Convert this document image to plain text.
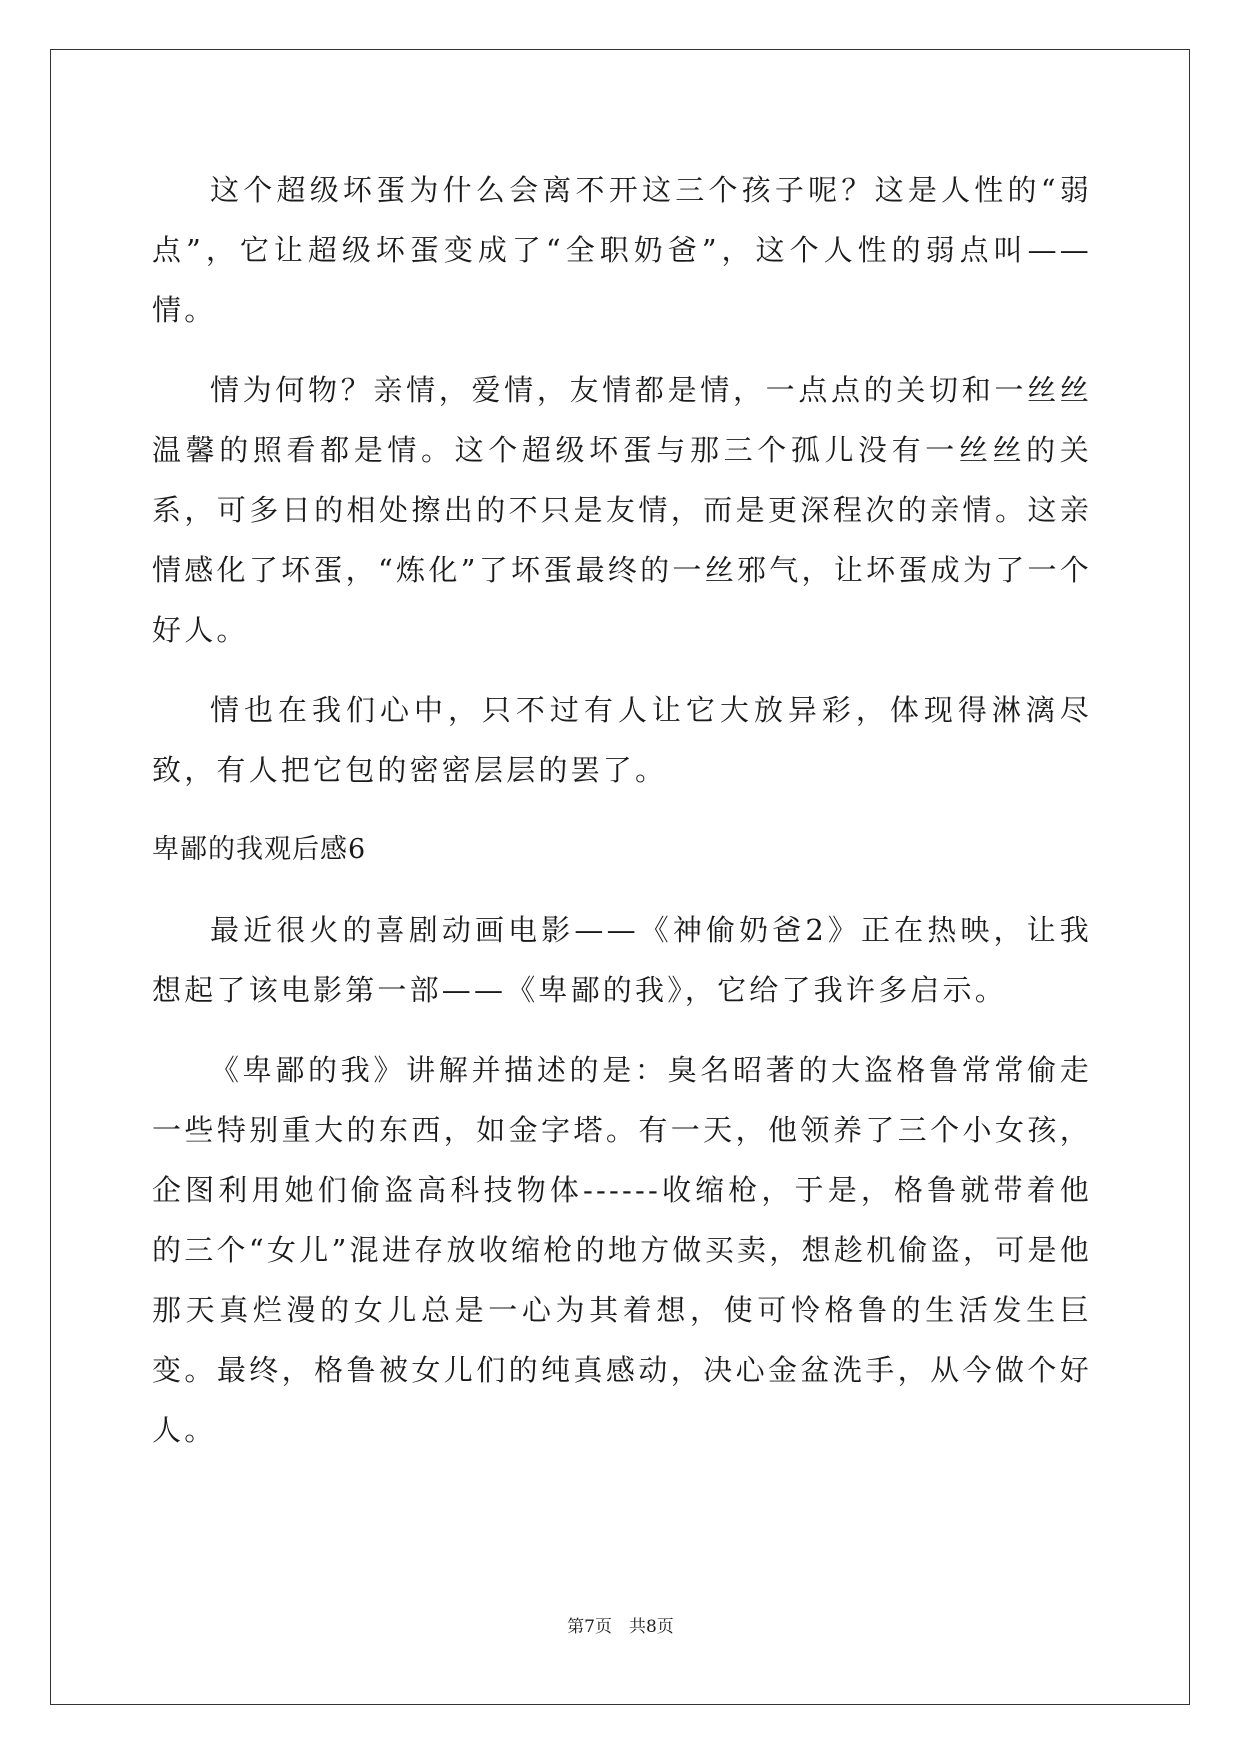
这个超级坏蛋为什么会离不开这三个孩子呢？这是人性的“弱点”，它让超级坏蛋变成了“全职奶爸”，这个人性的弱点叫——情。

情为何物？亲情，爱情，友情都是情，一点点的关切和一丝丝温馨的照看都是情。这个超级坏蛋与那三个孤儿没有一丝丝的关系，可多日的相处擦出的不只是友情，而是更深程次的亲情。这亲情感化了坏蛋，“炼化”了坏蛋最终的一丝邪气，让坏蛋成为了一个好人。

情也在我们心中，只不过有人让它大放异彩，体现得淋漓尽致，有人把它包的密密层层的罢了。

卑鄙的我观后感6

最近很火的喜剧动画电影——《神偷奶爸2》正在热映，让我想起了该电影第一部——《卑鄙的我》，它给了我许多启示。

《卑鄙的我》讲解并描述的是：臭名昭著的大盗格鲁常常偷走一些特别重大的东西，如金字塔。有一天，他领养了三个小女孩，企图利用她们偷盗高科技物体------收缩枪，于是，格鲁就带着他的三个“女儿”混进存放收缩枪的地方做买卖，想趁机偷盗，可是他那天真烂漫的女儿总是一心为其着想，使可怜格鲁的生活发生巨变。最终，格鲁被女儿们的纯真感动，决心金盆洗手，从今做个好人。

第7页　共8页
